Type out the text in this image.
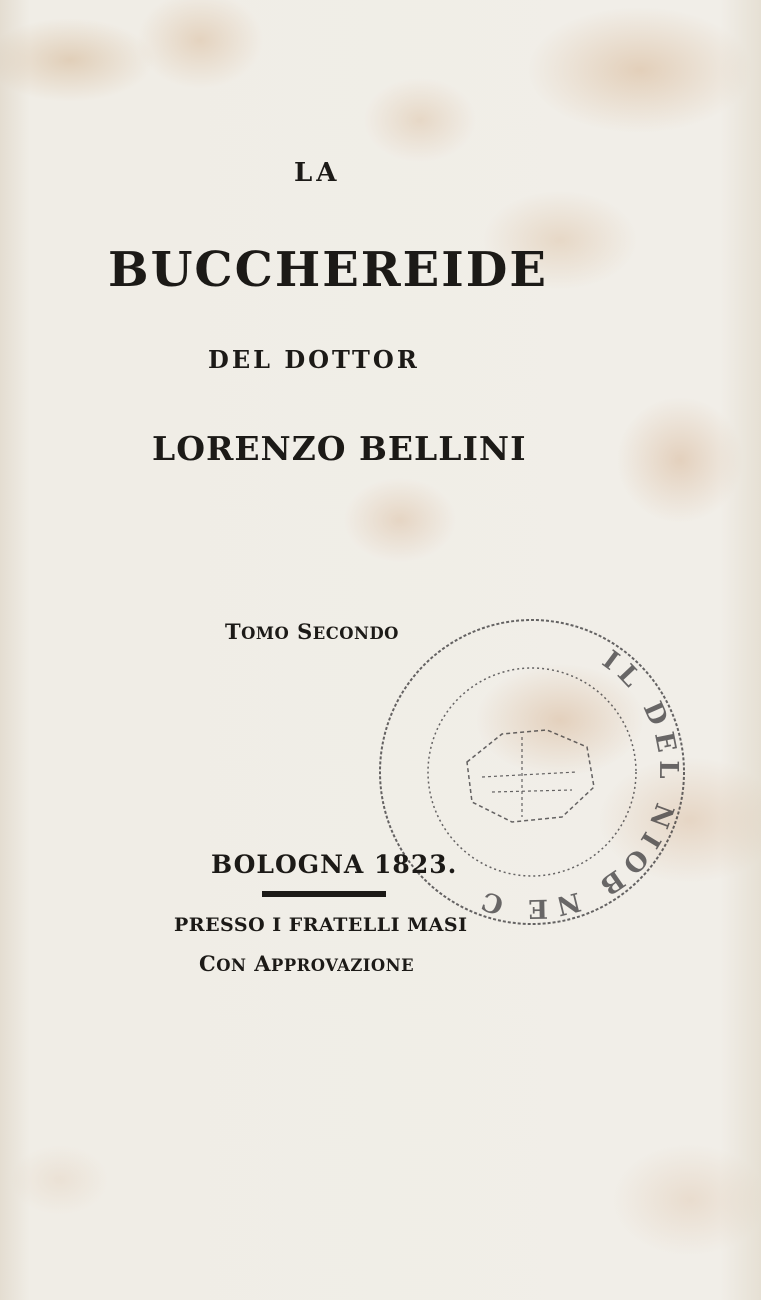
LA
BUCCHEREIDE
DEL DOTTOR
LORENZO BELLINI
TOMO SECONDO
IL DEL NIOB NE C
BOLOGNA 1823.
PRESSO I FRATELLI MASI
CON APPROVAZIONE
